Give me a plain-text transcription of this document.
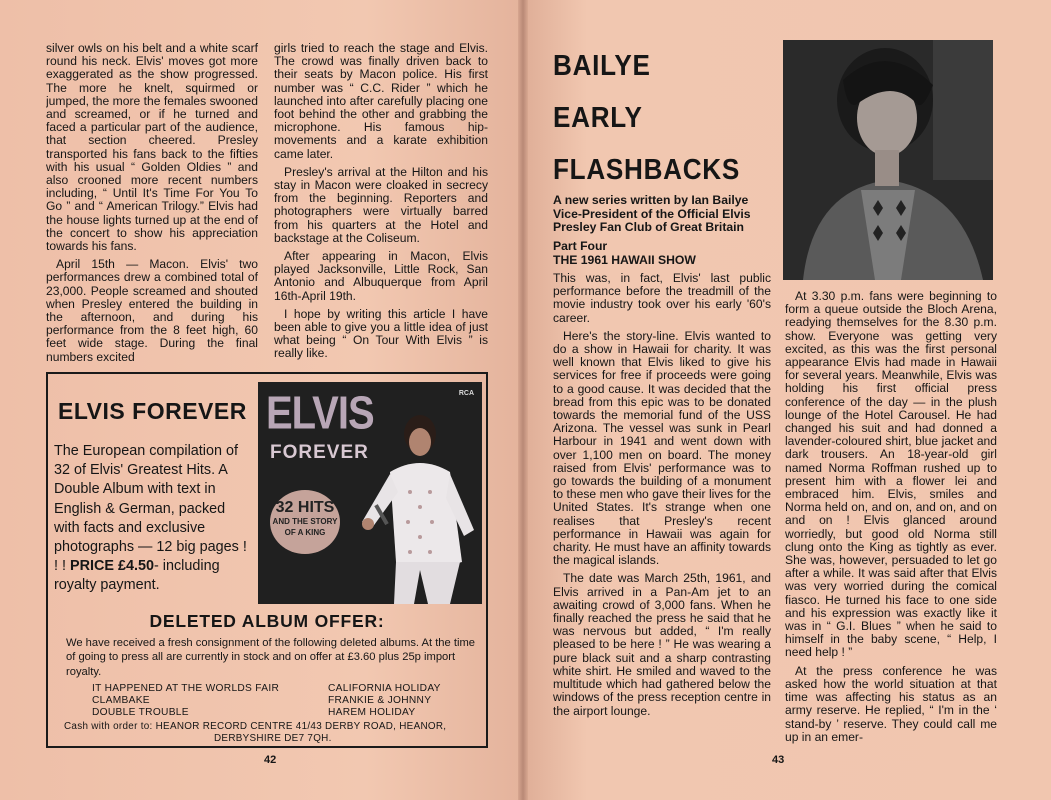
silver owls on his belt and a white scarf round his neck. Elvis' moves got more exaggerated as the show progressed. The more he knelt, squirmed or jumped, the more the females swooned and screamed, or if he turned and faced a particular part of the audience, that section cheered. Presley transported his fans back to the fifties with his usual “ Golden Oldies ” and also crooned more recent numbers including, “ Until It's Time For You To Go ” and “ American Trilogy.” Elvis had the house lights turned up at the end of the concert to show his appreciation towards his fans.

April 15th — Macon. Elvis' two performances drew a combined total of 23,000. People screamed and shouted when Presley entered the building in the afternoon, and during his performance from the 8 feet high, 60 feet wide stage. During the final numbers excited

girls tried to reach the stage and Elvis. The crowd was finally driven back to their seats by Macon police. His first number was “ C.C. Rider ” which he launched into after carefully placing one foot behind the other and grabbing the microphone. His famous hip-movements and a karate exhibition came later.

Presley's arrival at the Hilton and his stay in Macon were cloaked in secrecy from the beginning. Reporters and photographers were virtually barred from his quarters at the Hotel and backstage at the Coliseum.

After appearing in Macon, Elvis played Jacksonville, Little Rock, San Antonio and Albuquerque from April 16th-April 19th.

I hope by writing this article I have been able to give you a little idea of just what being “ On Tour With Elvis ” is really like.

ELVIS FOREVER
The European compilation of 32 of Elvis' Greatest Hits. A Double Album with text in English & German, packed with facts and exclusive photographs — 12 big pages ! ! ! PRICE £4.50- including royalty payment.
ELVIS
FOREVER
RCA
32 HITS
AND THE STORY OF A KING
DELETED ALBUM OFFER:
We have received a fresh consignment of the following deleted albums. At the time of going to press all are currently in stock and on offer at £3.60 plus 25p import royalty.
IT HAPPENED AT THE WORLDS FAIR
CLAMBAKE
DOUBLE TROUBLE
CALIFORNIA HOLIDAY
FRANKIE & JOHNNY
HAREM HOLIDAY
Cash with order to: HEANOR RECORD CENTRE 41/43 DERBY ROAD, HEANOR,
DERBYSHIRE DE7 7QH.
42
BAILYE
EARLY
FLASHBACKS
A new series written by Ian Bailye Vice-President of the Official Elvis Presley Fan Club of Great Britain
Part Four
THE 1961 HAWAII SHOW

This was, in fact, Elvis' last public performance before the treadmill of the movie industry took over his early '60's career.

Here's the story-line. Elvis wanted to do a show in Hawaii for charity. It was well known that Elvis liked to give his services for free if proceeds were going to a good cause. It was decided that the bread from this epic was to be donated towards the memorial fund of the USS Arizona. The vessel was sunk in Pearl Harbour in 1941 and went down with over 1,100 men on board. The money raised from Elvis' performance was to go towards the building of a monument to these men who gave their lives for the United States. It's strange when one realises that Presley's recent performance in Hawaii was again for charity. He must have an affinity towards the magical islands.

The date was March 25th, 1961, and Elvis arrived in a Pan-Am jet to an awaiting crowd of 3,000 fans. When he finally reached the press he said that he was nervous but added, “ I'm really pleased to be here ! ” He was wearing a pure black suit and a sharp contrasting white shirt. He smiled and waved to the multitude which had gathered below the windows of the press reception centre in the airport lounge.

At 3.30 p.m. fans were beginning to form a queue outside the Bloch Arena, readying themselves for the 8.30 p.m. show. Everyone was getting very excited, as this was the first personal appearance Elvis had made in Hawaii for several years. Meanwhile, Elvis was holding his first official press conference of the day — in the plush lounge of the Hotel Carousel. He had changed his suit and had donned a lavender-coloured shirt, blue jacket and dark trousers. An 18-year-old girl named Norma Roffman rushed up to present him with a flower lei and embraced him. Elvis, smiles and Norma held on, and on, and on, and on and on ! Elvis glanced around worriedly, but good old Norma still clung onto the King as tightly as ever. She was, however, persuaded to let go after a while. It was said after that Elvis was very worried during the comical fiasco. He turned his face to one side and his expression was exactly like it was in “ G.I. Blues ” when he said to himself in the baby scene, “ Help, I need help ! ”

At the press conference he was asked how the world situation at that time was affecting his status as an army reserve. He replied, “ I'm in the ‘ stand-by ’ reserve. They could call me up in an emer-

43
